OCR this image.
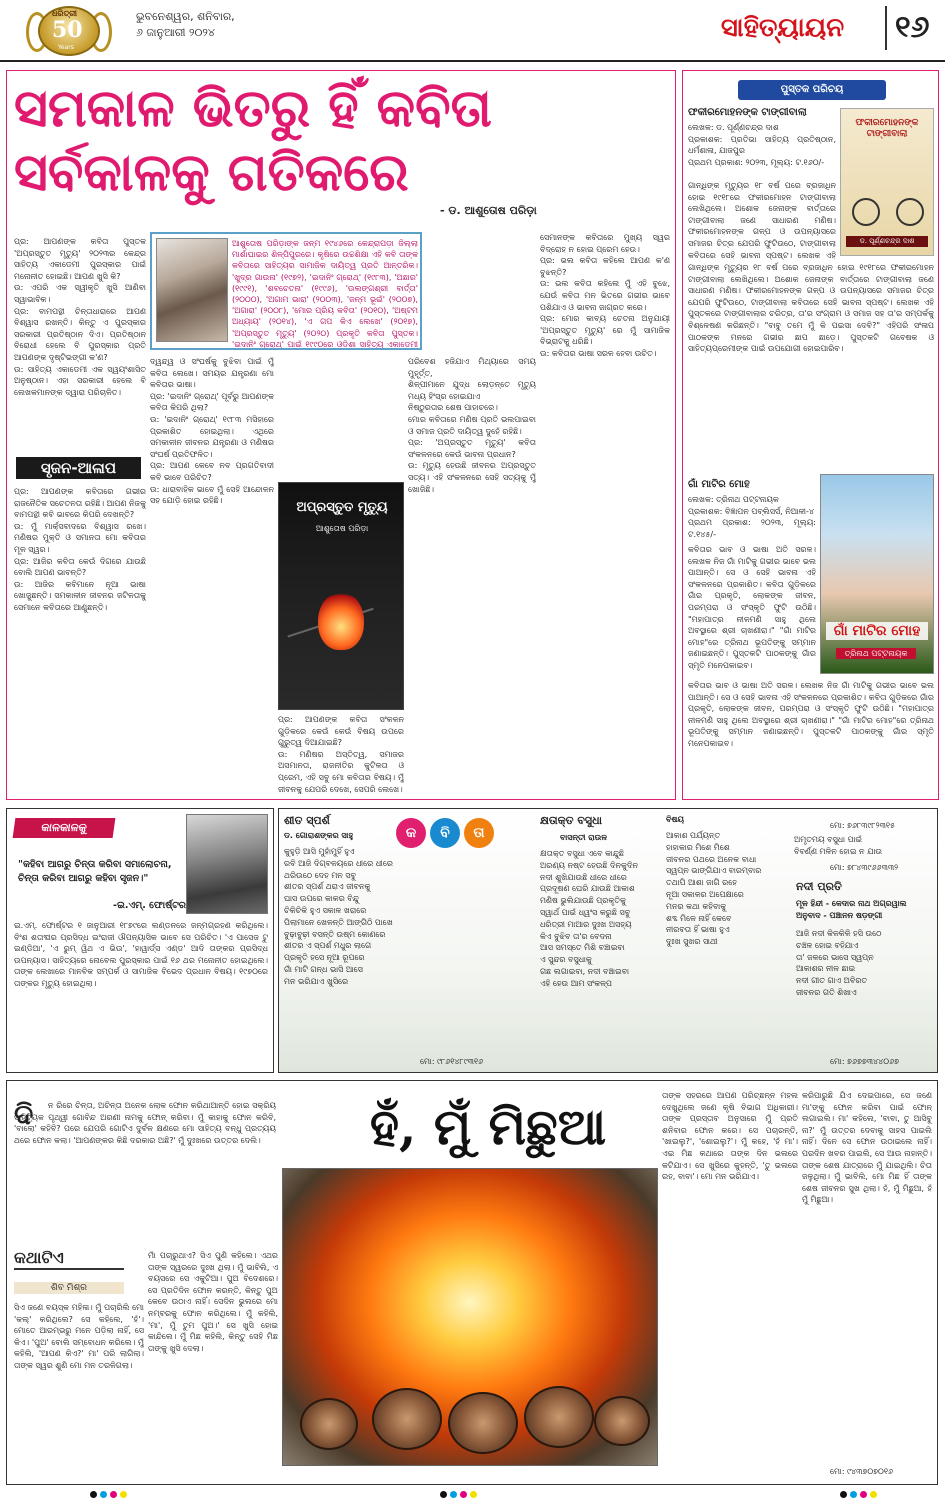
ଧରିତ୍ରୀ
50
Years
ଭୁବନେଶ୍ୱର, ଶନିବାର,
୬ ଜାନୁଆରୀ ୨୦୨୪	ସାହିତ୍ୟାୟନ	୧୬
ସମକାଳ ଭିତରୁ ହିଁ କବିତା
ସର୍ବକାଳକୁ ଗତିକରେ
- ଡ. ଆଶୁତୋଷ ପରିଡ଼ା
ଆଶୁତୋଷ ପରିଡ଼ାଙ୍କ ଜନ୍ମ ୧୯୪୬ରେ କେନ୍ଦ୍ରାପଡ଼ା ଜିଲ୍ଲା ମାର୍ଶାଘାଇର ଶିଳ୍ପିପୁରରେ। କୃଷିରେ ଉଚ୍ଚଶିକ୍ଷା ଏହି କବି ତାଙ୍କ କବିତାରେ ସାହିତ୍ୟର ସାମାଜିକ ଦାୟିତ୍ୱ ପ୍ରତି ଆନ୍ତରିକ। 'ଖୁଦ୍ର ଗାଉନା' (୧୯୭୨), 'ଇଦାନିଂ ଗ୍ରୋଥ୍' (୧୯୮୩), 'ଅଛାର' (୧୯୯୧), 'ଶବଚେତନା' (୧୯୯୬), 'ଉଲଙ୍ଗଶ୍ରୀ ବାର୍ତ୍ତା' (୨୦୦୦), 'ଅଗାମ ଭାରା' (୨୦୦୩), 'ଜନ୍ମ ଭୂଇଁ' (୨୦୦୭), 'ଅଗାରା' (୨୦୦୮), 'ମୋର ପ୍ରିୟ କବିତା' (୨୦୧୦), 'ଅଷ୍ଟମ ଅଧ୍ୟାୟ' (୨୦୧୪), 'ଏ ଗପ କିଏ ଲେଖେ' (୨୦୧୭), 'ଅପ୍ରସ୍ତୁତ ମୃତ୍ୟୁ' (୨୦୨୦) ପ୍ରକୃତି କବିତା ପୁସ୍ତକ। 'ଇଦାନିଂ ଗ୍ରୋଥ୍' ପାଇଁ ୧୯୯୦ରେ ଓଡ଼ିଶା ସାହିତ୍ୟ ଏକାଡେମୀ
ପ୍ର: ଆପଣଙ୍କ କବିତା ପୁସ୍ତକ 'ଅପ୍ରସ୍ତୁତ ମୃତ୍ୟୁ' ୨୦୨୩ର କେନ୍ଦ୍ର ସାହିତ୍ୟ ଏକାଡେମୀ ପୁରସ୍କାର ପାଇଁ ମନୋନୀତ ହୋଇଛି। ଆପଣ ଖୁସି କି?
ଉ: ଏପରି ଏକ ସ୍ୱୀକୃତି ଖୁସି ଆଣିବା ସ୍ୱାଭାବିକ।
ପ୍ର: ବାମପନ୍ଥୀ ଚିନ୍ତାଧାରାରେ ଆପଣ ବିଶ୍ୱାସ ରଖନ୍ତି। କିନ୍ତୁ ଏ ପୁରସ୍କାର ସରକାରୀ ପ୍ରତିଷ୍ଠାନ ଦିଏ। ପ୍ରତିଷ୍ଠାନ ବିରୋଧୀ ହେଲେ ବି ପୁରସ୍କାର ପ୍ରତି ଆପଣଙ୍କ ଦୃଷ୍ଟିଭଙ୍ଗୀ କ'ଣ?
ଉ: ସାହିତ୍ୟ ଏକାଡେମୀ ଏକ ସ୍ୱୟଂଶାସିତ ଅନୁଷ୍ଠାନ। ଏହା ସରକାରୀ ହେଲେ ବି ଲେଖକମାନଙ୍କ ଦ୍ୱାରା ପରିଚାଳିତ।
ସୃଜନ-ଆଳାପ
ପ୍ର: ଆପଣଙ୍କ କବିତାରେ ଗଭୀର ରାଜନୈତିକ ସଚେତନତା ରହିଛି। ଆପଣ ନିଜକୁ ବାମପନ୍ଥୀ କବି ଭାବରେ କିପରି ଦେଖନ୍ତି?
ଉ: ମୁଁ ମାର୍କ୍ସବାଦରେ ବିଶ୍ୱାସ ରଖେ। ମଣିଷର ମୁକ୍ତି ଓ ସମାନତା ମୋ କବିତାର ମୂଳ ସ୍ୱର।
ପ୍ର: ଆଜିର କବିତା କେଉଁ ଦିଗରେ ଯାଉଛି ବୋଲି ଆପଣ ଭାବନ୍ତି?
ଉ: ଆଜିର କବିମାନେ ନୂଆ ଭାଷା ଖୋଜୁଛନ୍ତି। ସମକାଳୀନ ଜୀବନର ଜଟିଳତାକୁ ସେମାନେ କବିତାରେ ଆଣୁଛନ୍ତି।
ଦ୍ୱନ୍ଦ୍ୱ ଓ ସଂଘର୍ଷକୁ ବୁଝିବା ପାଇଁ ମୁଁ କବିତା ଲେଖେ। ସମୟର ଯନ୍ତ୍ରଣା ମୋ କବିତାର ଭାଷା।
ପ୍ର: 'ଇଦାନିଂ ଗ୍ରୋଥ୍' ପୂର୍ବରୁ ଆପଣଙ୍କ କବିତା କିପରି ଥିଲା?
ଉ: 'ଇଦାନିଂ ଗ୍ରୋଥ୍' ୧୯୮୩ ମସିହାରେ ପ୍ରକାଶିତ ହୋଇଥିଲା। ଏଥିରେ ସମକାଳୀନ ଜୀବନର ଯନ୍ତ୍ରଣା ଓ ମଣିଷର ସଂଘର୍ଷ ପ୍ରତିଫଳିତ।
ପ୍ର: ଆପଣ କେବେ ନବ ପ୍ରଗତିବାଦୀ କବି ଭାବେ ପରିଚିତ?
ଉ: ଧାରାବାହିକ ଭାବେ ମୁଁ ସେହି ଆନ୍ଦୋଳନ ସହ ଯୋଡ଼ି ହୋଇ ରହିଛି।
ପ୍ର: ଆପଣଙ୍କ କବିତା ସଂକଳନ ଗୁଡ଼ିକରେ କେଉଁ କେଉଁ ବିଷୟ ଉପରେ ଗୁରୁତ୍ୱ ଦିଆଯାଇଛି?
ଉ: ମଣିଷର ଅସ୍ତିତ୍ୱ, ସମାଜର ଅସମାନତା, ରାଜନୀତିର କୁଟିଳତା ଓ ପ୍ରେମ, ଏହି ସବୁ ମୋ କବିତାର ବିଷୟ। ମୁଁ ଜୀବନକୁ ଯେପରି ଦେଖେ, ସେପରି ଲେଖେ।

ଅପ୍ରସ୍ତୁତ ମୃତ୍ୟୁ
ଆଶୁତୋଷ ପରିଡ଼ା
ପରିବେଶ ହଜିଯାଏ ମିଥ୍ୟାରେ ସମୟ ମୁହୂର୍ତ୍ତ,
ଶିଳ୍ପୀମାନେ ଯୁଦ୍ଧ ଲୋଡ଼ନ୍ତେ ମୃତ୍ୟୁ ମଧ୍ୟ ହିଂସ୍ର ହୋଇଯାଏ
ନିଷ୍ଠୁରତାର ଶେଷ ପାହାଚରେ।
ମୋର କବିତାରେ ମଣିଷ ପ୍ରତି ଭଲପାଇବା ଓ ସମାଜ ପ୍ରତି ଦାୟିତ୍ୱ ଦୁହେଁ ରହିଛି।
ପ୍ର: 'ଅପ୍ରସ୍ତୁତ ମୃତ୍ୟୁ' କବିତା ସଂକଳନରେ କେଉଁ ଭାବନା ପ୍ରଧାନ?
ଉ: ମୃତ୍ୟୁ ହେଉଛି ଜୀବନର ଅପ୍ରସ୍ତୁତ ସତ୍ୟ। ଏହି ସଂକଳନରେ ସେହି ସତ୍ୟକୁ ମୁଁ ଖୋଜିଛି।
ସେମାନଙ୍କ କବିତାରେ ମୁଖ୍ୟ ସ୍ୱର ବିଦ୍ରୋହ ନ ହୋଇ ପ୍ରେମ ହେଉ।
ପ୍ର: ଭଲ କବିତା କହିଲେ ଆପଣ କ'ଣ ବୁଝନ୍ତି?
ଉ: ଭଲ କବିତା କହିଲେ ମୁଁ ଏହି ବୁଝେ, ଯେଉଁ କବିତା ମନ ଭିତରେ ଗଭୀର ଭାବେ ପଶିଯାଏ ଓ ଭାବନା ଜାଗ୍ରତ କରେ।
ପ୍ର: ମୋର କାବ୍ୟ ଚେତନା ଅନୁଯାୟୀ 'ଅପ୍ରସ୍ତୁତ ମୃତ୍ୟୁ' ରେ ମୁଁ ସାମାଜିକ ବିଭ୍ରାଟକୁ ଧରିଛି।
ଉ: କବିତାର ଭାଷା ସରଳ ହେବା ଉଚିତ।
ପୁସ୍ତକ ପରିଚୟ
ଫକୀରମୋହନଙ୍କ ଟାଙ୍ଗୀବାଲା
ଲେଖକ: ଡ. ପୂର୍ଣ୍ଣଚନ୍ଦ୍ର ଦାଶ
ପ୍ରକାଶକ: ପ୍ରତିଭା ସାହିତ୍ୟ ପ୍ରତିଷ୍ଠାନ, ଧର୍ମଶାଳା, ଯାଜପୁର
ପ୍ରଥମ ପ୍ରକାଶ: ୨୦୨୩, ମୂଲ୍ୟ: ଟ.୧୬୦/-
ଫକୀରମୋହନଙ୍କ ଟାଙ୍ଗୀବାଲା
ଡ. ପୂର୍ଣ୍ଣଚନ୍ଦ୍ର ଦାଶ
ଗାନ୍ଧିଙ୍କ ମୃତ୍ୟୁର ୧୮ ବର୍ଷ ପରେ ବ୍ରଜାଧିନ ହୋଇ ୧୯୧୮ରେ ଫକୀରମୋହନ ଟାଙ୍ଗୀବାଲା ଲେଖିଥିଲେ। ଅଶୋକ ଜେନାଙ୍କ ବାର୍ତ୍ତାରେ ଟାଙ୍ଗୀବାଲା ଜଣେ ସାଧାରଣ ମଣିଷ। ଫକୀରମୋହନଙ୍କ ଗଳ୍ପ ଓ ଉପନ୍ୟାସରେ ସମାଜର ଚିତ୍ର ଯେପରି ଫୁଟିଉଠେ, ଟାଙ୍ଗୀବାଲା କବିତାରେ ସେହି ଭାବନା ସ୍ପଷ୍ଟ। ଲେଖକ ଏହି
ଗାନ୍ଧିଙ୍କ ମୃତ୍ୟୁର ୧୮ ବର୍ଷ ପରେ ବ୍ରଜାଧିନ ହୋଇ ୧୯୧୮ରେ ଫକୀରମୋହନ ଟାଙ୍ଗୀବାଲା ଲେଖିଥିଲେ। ଅଶୋକ ଜେନାଙ୍କ ବାର୍ତ୍ତାରେ ଟାଙ୍ଗୀବାଲା ଜଣେ ସାଧାରଣ ମଣିଷ। ଫକୀରମୋହନଙ୍କ ଗଳ୍ପ ଓ ଉପନ୍ୟାସରେ ସମାଜର ଚିତ୍ର ଯେପରି ଫୁଟିଉଠେ, ଟାଙ୍ଗୀବାଲା କବିତାରେ ସେହି ଭାବନା ସ୍ପଷ୍ଟ। ଲେଖକ ଏହି ପୁସ୍ତକରେ ଟାଙ୍ଗୀବାଲାର ଚରିତ୍ର, ତା'ର ସଂଗ୍ରାମ ଓ ସମାଜ ସହ ତା'ର ସମ୍ପର୍କକୁ ବିଶ୍ଳେଷଣ କରିଛନ୍ତି। "ବାବୁ ତମେ ମୁଁ କି ପଇସା ଦେବି?" ଏହିପରି ସଂଳାପ ପାଠକଙ୍କ ମନରେ ଗଭୀର ଛାପ ଛାଡ଼େ। ପୁସ୍ତକଟି ଗବେଷକ ଓ ସାହିତ୍ୟପ୍ରେମୀଙ୍କ ପାଇଁ ଉପଯୋଗୀ ହୋଇପାରିବ।
ଗାଁ ମାଟିର ମୋହ
ଲେଖକ: ତ୍ରିନାଥ ପଟ୍ଟନାୟକ
ପ୍ରକାଶକ: ବିଜ୍ଞାପନ ପବ୍ଲିସର୍ସ, ନିଆଳୀ-୪
ପ୍ରଥମ ପ୍ରକାଶ: ୨୦୨୩, ମୂଲ୍ୟ: ଟ.୧୪୫/-
କବିତାର ଭାବ ଓ ଭାଷା ଅତି ସରଳ। ଲେଖକ ନିଜ ଗାଁ ମାଟିକୁ ଗଭୀର ଭାବେ ଭଲ ପାଆନ୍ତି। ସେ ଓ ସେହି ଭାବନା ଏହି ସଂକଳନରେ ପ୍ରକାଶିତ। କବିତା ଗୁଡ଼ିକରେ ଗାଁର ପ୍ରକୃତି, ଲୋକଙ୍କ ଜୀବନ, ପରମ୍ପରା ଓ ସଂସ୍କୃତି ଫୁଟି ଉଠିଛି। "ମହାପାତ୍ର ନୀଳମଣି ସାହୁ ଥିଲେ ଅବସ୍ଥାରେ ଶ୍ରୀ ଚାଖଣୀରା।" "ଗାଁ ମାଟିର ମୋହ"ରେ ତ୍ରିନାଥ ଭୂପତିଙ୍କୁ ସମ୍ମାନ ଜଣାଇଛନ୍ତି। ପୁସ୍ତକଟି ପାଠକଙ୍କୁ ଗାଁର ସ୍ମୃତି ମନେପକାଇବ।
ଗାଁ ମାଟିର ମୋହ
ତ୍ରିନାଥ ପଟ୍ଟନାୟକ
କବିତାର ଭାବ ଓ ଭାଷା ଅତି ସରଳ। ଲେଖକ ନିଜ ଗାଁ ମାଟିକୁ ଗଭୀର ଭାବେ ଭଲ ପାଆନ୍ତି। ସେ ଓ ସେହି ଭାବନା ଏହି ସଂକଳନରେ ପ୍ରକାଶିତ। କବିତା ଗୁଡ଼ିକରେ ଗାଁର ପ୍ରକୃତି, ଲୋକଙ୍କ ଜୀବନ, ପରମ୍ପରା ଓ ସଂସ୍କୃତି ଫୁଟି ଉଠିଛି। "ମହାପାତ୍ର ନୀଳମଣି ସାହୁ ଥିଲେ ଅବସ୍ଥାରେ ଶ୍ରୀ ଚାଖଣୀରା।" "ଗାଁ ମାଟିର ମୋହ"ରେ ତ୍ରିନାଥ ଭୂପତିଙ୍କୁ ସମ୍ମାନ ଜଣାଇଛନ୍ତି। ପୁସ୍ତକଟି ପାଠକଙ୍କୁ ଗାଁର ସ୍ମୃତି ମନେପକାଇବ।
କାଳକାଳକୁ
"କହିବା ଆଗରୁ ଚିନ୍ତା କରିବା ସମାଲୋଚନା, ଚିନ୍ତା କରିବା ଆଗରୁ କହିବା ସୃଜନ।"
-ଇ.ଏମ୍. ଫୋର୍ଷ୍ଟର
ଇ.ଏମ୍. ଫୋର୍ଷ୍ଟର ୧ ଜାନୁଆରୀ ୧୮୭୯ରେ ଲଣ୍ଡନରେ ଜନ୍ମଗ୍ରହଣ କରିଥିଲେ। ବିଂଶ ଶତାବ୍ଦୀର ପ୍ରସିଦ୍ଧ ଇଂରାଜୀ ଔପନ୍ୟାସିକ ଭାବେ ସେ ପରିଚିତ। 'ଏ ପାସେଜ ଟୁ ଇଣ୍ଡିଆ', 'ଏ ରୁମ୍ ୱିଥ ଏ ଭିଉ', 'ହାୱାର୍ଡ୍ସ ଏଣ୍ଡ' ଆଦି ତାଙ୍କର ପ୍ରସିଦ୍ଧ ଉପନ୍ୟାସ। ସାହିତ୍ୟରେ ନୋବେଲ ପୁରସ୍କାର ପାଇଁ ୧୬ ଥର ମନୋନୀତ ହୋଇଥିଲେ। ତାଙ୍କ ଲେଖାରେ ମାନବିକ ସମ୍ପର୍କ ଓ ସାମାଜିକ ବିଭେଦ ପ୍ରଧାନ ବିଷୟ। ୧୯୭୦ରେ ତାଙ୍କର ମୃତ୍ୟୁ ହୋଇଥିଲା।
କ	ବି	ତା
ଶୀତ ସ୍ପର୍ଶ
ଡ. ଗୋରାଶଙ୍କର ସାହୁ
କୁହୁଡ଼ି ଆସି ମୁହାଁମୁହିଁ ହୁଏ
ରବି ଆଜି ଦିଗ୍‌ବଳୟରେ ଧୀରେ ଧୀରେ
ଥରିଉଠେ ଦେହ ମନ ସବୁ
ଶୀତର ସ୍ପର୍ଶ ଥରାଏ ଜୀବନକୁ
ଘାସ ଉପରେ କାକର ବିନ୍ଦୁ
ଚିକିଚିକି ହୁଏ ସକାଳ ଖରାରେ
ପିଲାମାନେ ଖେଳନ୍ତି ଆଙ୍ଗିଠି ପାଖେ
ବୁଢ଼ାବୁଢ଼ୀ ବସନ୍ତି ଉଷ୍ମ କୋଣରେ
ଶୀତର ଏ ସ୍ପର୍ଶ ମଧୁର ଲାଗେ
ପ୍ରକୃତି ହସେ ନୂଆ ରୂପରେ
ଗାଁ ମାଟି ଗନ୍ଧ ଭାସି ଆସେ
ମନ ଭରିଯାଏ ଖୁସିରେ
ମୋ: ୯୮୬୧୪୮୯୩୧୬
କ୍ଷତାକ୍ତ ବସୁଧା
ବାସନ୍ତୀ ରାଉଳ
କ୍ଷତାକ୍ତ ବସୁଧା ଏବେ କାନ୍ଦୁଛି
ଅରଣ୍ୟ ନଷ୍ଟ ହେଉଛି ଦିନକୁଦିନ
ନଦୀ ଶୁଖିଯାଉଛି ଧୀରେ ଧୀରେ
ପ୍ରଦୂଷଣ ଘେରି ଯାଉଛି ଆକାଶ
ମଣିଷ ଭୁଲିଯାଉଛି ପ୍ରକୃତିକୁ
ସ୍ୱାର୍ଥ ପାଇଁ ଧ୍ୱଂସ କରୁଛି ସବୁ
ଧରିତ୍ରୀ ମାଆର ଦୁଃଖ ଅସହ୍ୟ
କିଏ ବୁଝିବ ତା'ର ବେଦନା
ଆସ ସମସ୍ତେ ମିଶି ବଞ୍ଚାଇବା
ଏ ସୁନ୍ଦର ବସୁଧାକୁ
ଗଛ ଲଗାଇବା, ନଦୀ ବଞ୍ଚାଇବା
ଏହି ହେଉ ଆମ ସଂକଳ୍ପ
ବିଷୟ
ଆକାଶ ପର୍ଯ୍ୟନ୍ତ
ହାହାକାର ମିଶେ ମିଶେ
ଜୀବନର ପଥରେ ଅନେକ ବାଧା
ସ୍ୱପ୍ନ ଭାଙ୍ଗିଯାଏ ବାରମ୍ବାର
ତଥାପି ଆଶା ଜାଗି ରହେ
ନୂଆ ସକାଳର ଅପେକ୍ଷାରେ
ମନର କଥା କହିବାକୁ
ଶବ୍ଦ ମିଳେ ନାହିଁ କେବେ
ନୀରବତା ହିଁ ଭାଷା ହୁଏ
ଦୁଃଖ ସୁଖର ସାଥୀ
ମୋ: ୭୬୮୩୯୮୨୩୧୫
ଅମୃତମୟ ବସୁଧା ପାଇଁ
ବିବର୍ଣ୍ଣ ମଳିନ ହୋଇ ନ ଯାଉ
ମୋ: ୭୮୪୩୯୬୬୩୩୨
ନଦୀ ପ୍ରତି
ମୂଳ ହିନ୍ଦୀ - କେଦାର ନାଥ ଅଗ୍ରୱାଲ
ଅନୁବାଦ - ପଞ୍ଚାନନ ଷଡ଼ଙ୍ଗୀ
ଆଜି ନଦୀ କିଳକିଳି ହସି ଉଠେ
ଚଞ୍ଚଳ ହୋଇ ବହିଯାଏ
ତା' ଜଳରେ ଭାସେ ସ୍ୱପ୍ନ
ଆକାଶର ନୀଳ ଛାଇ
ନଦୀ ଗୀତ ଗାଏ ଅବିରତ
ଜୀବନର ଗତି ଶିଖାଏ
ମୋ: ୭୬୭୭୩୪୪୦୬୭
ଦି	ନ ରିରେ ଚିନ୍ତା, ଅଚିନ୍ତା ଅନେକ ଲୋକ ଫୋନ କରିଥାଆନ୍ତି ହୋଇ ସକ୍ରିୟ ସାହିତ୍ୟିକ ପୃଥ୍ୱୀ ଗୋବିନ୍ଦ ଅରଣୀ ନାମକୁ ଫୋନ୍ କରିବା। ମୁଁ କାହାକୁ ଫୋନ କରିବି, 'ବାଲୋ' କହିବି? ପରେ ଯେପରି ଗୋଟିଏ ଦୁର୍ବଳ କ୍ଷଣରେ ମୋ ସାହିତ୍ୟ ବନ୍ଧୁ ପ୍ରତ୍ୟୟ ଥରେ ଫୋନ କଲା। 'ଆପଣଙ୍କର କିଛି ଦରକାର ଅଛି?' ମୁଁ ଦୁଃଖରେ ଉତ୍ତର ଦେଲି।
କଥାଟିଏ
ଶିବ ମିଶ୍ର
ସିଏ ଜଣେ ବୟସ୍କ ମହିଳା। ମୁଁ ପଚାରିଲି ମୋ 'କଲ୍' କରିଥିଲେ? ସେ କହିଲେ, 'ହଁ'। ମୋତେ ଆରମ୍ଭରୁ ମନେ ପଡ଼ିଲା ନାହିଁ, ସେ କିଏ। 'ପୁଅ' ବୋଲି ସମ୍ବୋଧନ କରିଲେ। ମୁଁ କହିଲି, 'ଆପଣ କିଏ?' ମା' ପରି ଲାଗିଲା। ତାଙ୍କ ସ୍ୱର ଶୁଣି ମୋ ମନ ତରଳିଗଲା।
ମାଁ ପଚାରୁଥାଏ? ସିଏ ପୁଣି କହିଲେ। ଏଥର ତାଙ୍କ ସ୍ୱରରେ ଦୁଃଖ ଥିଲା। ମୁଁ ଭାବିଲି, ଏ ବୟସରେ ସେ ଏକୁଟିଆ। ପୁଅ ବିଦେଶରେ। ସେ ପ୍ରତିଦିନ ଫୋନ କରନ୍ତି, କିନ୍ତୁ ପୁଅ କେବେ ଉଠାଏ ନାହିଁ। ସେଦିନ ଭୁଲରେ ମୋ ନମ୍ବରକୁ ଫୋନ କରିଥିଲେ। ମୁଁ କହିଲି, 'ମା', ମୁଁ ତୁମ ପୁଅ।' ସେ ଖୁସି ହୋଇ କାନ୍ଦିଲେ। ମୁଁ ମିଛ କହିଲି, କିନ୍ତୁ ସେହି ମିଛ ତାଙ୍କୁ ଖୁସି ଦେଲା।
ହଁ, ମୁଁ ମିଛୁଆ
ତାଙ୍କ ସହରରେ ଆପଣ ପରିଚ୍ଛନ୍ନ ମହଲ ଦେଖୁଥିଲେ ଜଣେ କୃଷି ବିଭାଗ ଅଧିକାରୀ। ତାଙ୍କ ପ୍ରସ୍ତାବ ଅନୁସାରେ ମୁଁ ପ୍ରତି ଶନିବାର ଫୋନ କରେ। ସେ ପଚାରନ୍ତି, 'ଖାଇଲୁ?', 'ଶୋଇଲୁ?'। ମୁଁ କହେ, 'ହଁ ମା'। ଏଇ ମିଛ କଥାରେ ତାଙ୍କ ଦିନ ଭଲରେ କଟିଯାଏ। ସେ ଖୁସିରେ କୁହନ୍ତି, 'ତୁ ଭଲରେ ରହ, ବାବା'। ମୋ ମନ ଭରିଯାଏ।
କରିପାରୁଛି ଯିଏ ଦେଇପାରେ, ସେ ଜଣେ ମା'ଙ୍କୁ ଫୋନ କରିବା ପାଇଁ ଫୋନ୍ ଲଗାଇଲି। ମା' କହିଲେ, 'ବାବା, ତୁ ଆସିବୁ ନା?' ମୁଁ ଉତ୍ତର ଦେବାକୁ ସାହସ ପାଇଲି ନାହିଁ। ଦିନେ ସେ ଫୋନ ଉଠାଇଲେ ନାହିଁ। ପରଦିନ ଖବର ପାଇଲି, ସେ ଆଉ ନାହାନ୍ତି। ତାଙ୍କ ଶେଷ ଯାତ୍ରାରେ ମୁଁ ଯାଇଥିଲି। ଚିତା ଜଳୁଥିଲା। ମୁଁ ଭାବିଲି, ମୋ ମିଛ ହିଁ ତାଙ୍କ ଶେଷ ଜୀବନର ସୁଖ ଥିଲା। ହଁ, ମୁଁ ମିଛୁଆ, ହଁ ମୁଁ ମିଛୁଆ।
ମୋ: ୯୪୩୭୦୭୦୧୬
